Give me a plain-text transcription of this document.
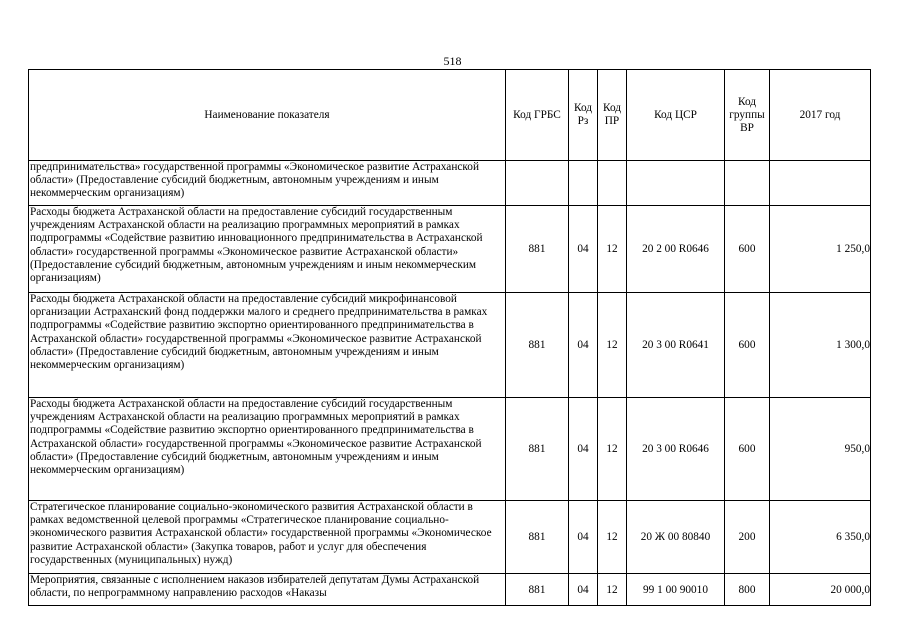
518
Наименование показателя	Код ГРБС	Код Рз	Код ПР	Код ЦСР	Код группы ВР	2017 год
предпринимательства» государственной программы «Экономическое развитие Астраханской области» (Предоставление субсидий бюджетным, автономным учреждениям и иным некоммерческим организациям)						
Расходы бюджета Астраханской области на предоставление субсидий государственным учреждениям Астраханской области на реализацию программных мероприятий в рамках подпрограммы «Содействие развитию инновационного предпринимательства в Астраханской области» государственной программы «Экономическое развитие Астраханской области» (Предоставление субсидий бюджетным, автономным учреждениям и иным некоммерческим организациям)	881	04	12	20 2 00 R0646	600	1 250,0
Расходы бюджета Астраханской области на предоставление субсидий микрофинансовой организации Астраханский фонд поддержки малого и среднего предпринимательства в рамках подпрограммы «Содействие развитию экспортно ориентированного предпринимательства в Астраханской области» государственной программы «Экономическое развитие Астраханской области» (Предоставление субсидий бюджетным, автономным учреждениям и иным некоммерческим организациям)	881	04	12	20 3 00 R0641	600	1 300,0
Расходы бюджета Астраханской области на предоставление субсидий государственным учреждениям Астраханской области на реализацию программных мероприятий в рамках подпрограммы «Содействие развитию экспортно ориентированного предпринимательства в Астраханской области» государственной программы «Экономическое развитие Астраханской области» (Предоставление субсидий бюджетным, автономным учреждениям и иным некоммерческим организациям)	881	04	12	20 3 00 R0646	600	950,0
Стратегическое планирование социально-экономического развития Астраханской области в рамках ведомственной целевой программы «Стратегическое планирование социально-экономического развития Астраханской области» государственной программы «Экономическое развитие Астраханской области» (Закупка товаров, работ и услуг для обеспечения государственных (муниципальных) нужд)	881	04	12	20 Ж 00 80840	200	6 350,0
Мероприятия, связанные с исполнением наказов избирателей депутатам Думы Астраханской области, по непрограммному направлению расходов «Наказы	881	04	12	99 1 00 90010	800	20 000,0
